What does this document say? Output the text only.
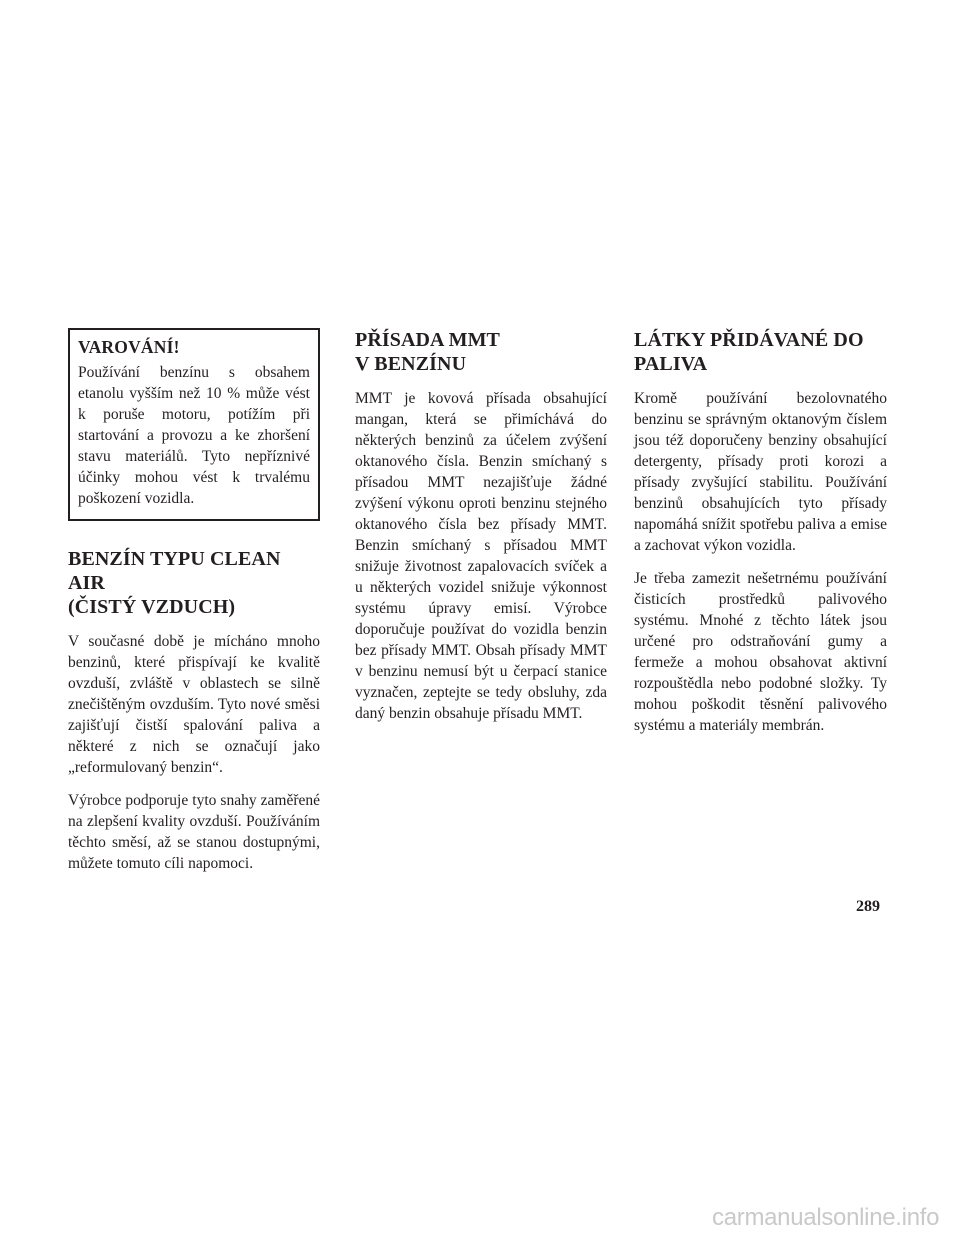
VAROVÁNÍ!

Používání benzínu s obsahem etanolu vyšším než 10 % může vést k poruše motoru, potížím při startování a provozu a ke zhoršení stavu materiálů. Tyto nepříznivé účinky mohou vést k trvalému poškození vozidla.

BENZÍN TYPU CLEAN AIR
(ČISTÝ VZDUCH)

V současné době je mícháno mnoho benzinů, které přispívají ke kvalitě ovzduší, zvláště v oblastech se silně znečištěným ovzduším. Tyto nové směsi zajišťují čistší spalování paliva a některé z nich se označují jako „reformulovaný benzin“.

Výrobce podporuje tyto snahy zaměřené na zlepšení kvality ovzduší. Používáním těchto směsí, až se stanou dostupnými, můžete tomuto cíli napomoci.

PŘÍSADA MMT
V BENZÍNU

MMT je kovová přísada obsahující mangan, která se přimíchává do některých benzinů za účelem zvýšení oktanového čísla. Benzin smíchaný s přísadou MMT nezajišťuje žádné zvýšení výkonu oproti benzinu stejného oktanového čísla bez přísady MMT. Benzin smíchaný s přísadou MMT snižuje životnost zapalovacích svíček a u některých vozidel snižuje výkonnost systému úpravy emisí. Výrobce doporučuje používat do vozidla benzin bez přísady MMT. Obsah přísady MMT v benzinu nemusí být u čerpací stanice vyznačen, zeptejte se tedy obsluhy, zda daný benzin obsahuje přísadu MMT.

LÁTKY PŘIDÁVANÉ DO
PALIVA

Kromě používání bezolovnatého benzinu se správným oktanovým číslem jsou též doporučeny benziny obsahující detergenty, přísady proti korozi a přísady zvyšující stabilitu. Používání benzinů obsahujících tyto přísady napomáhá snížit spotřebu paliva a emise a zachovat výkon vozidla.

Je třeba zamezit nešetrnému používání čisticích prostředků palivového systému. Mnohé z těchto látek jsou určené pro odstraňování gumy a fermeže a mohou obsahovat aktivní rozpouštědla nebo podobné složky. Ty mohou poškodit těsnění palivového systému a materiály membrán.

289
carmanualsonline.info
